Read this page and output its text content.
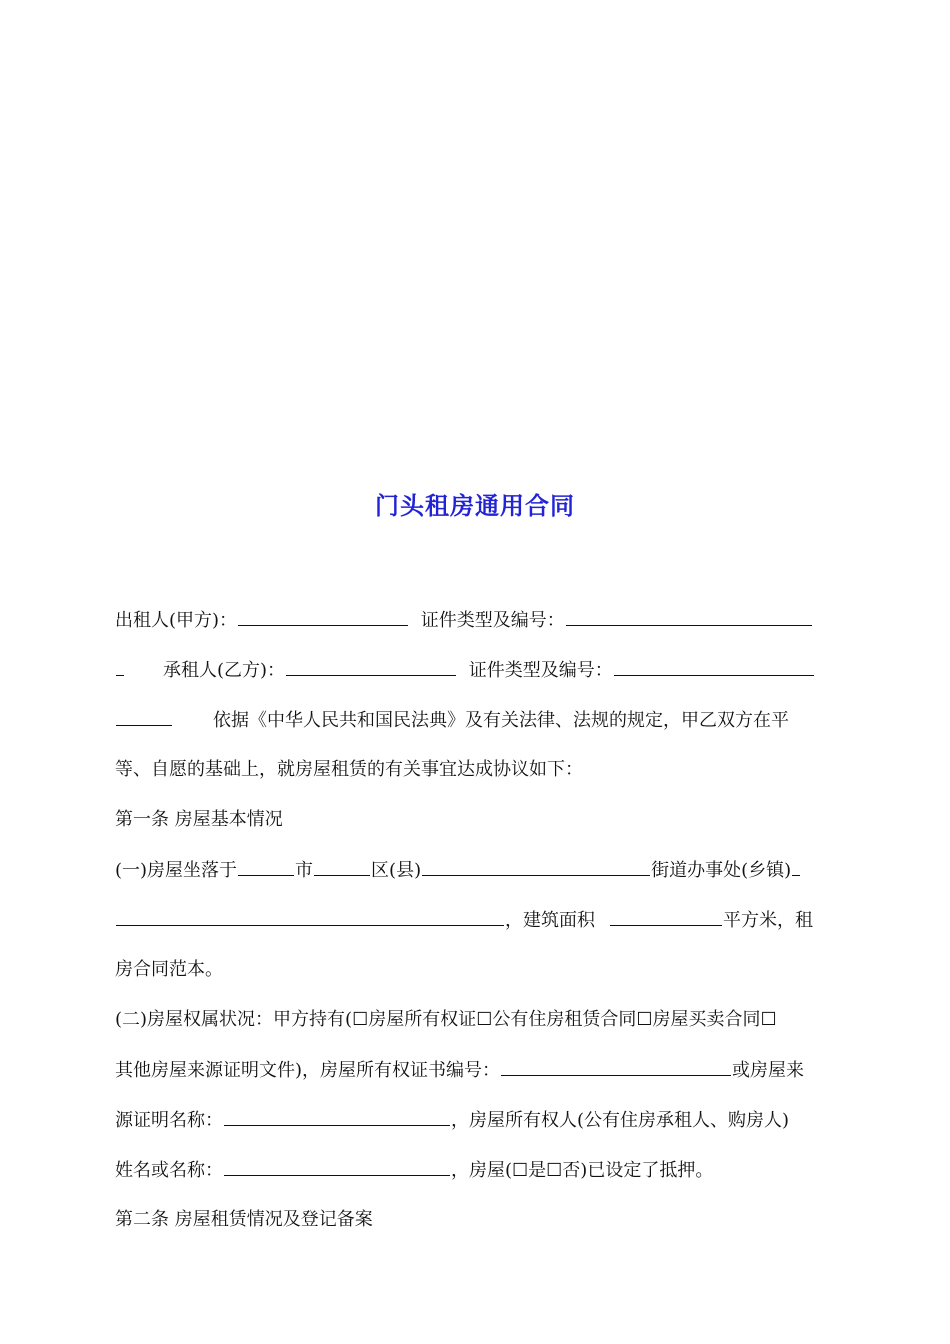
门头租房通用合同
出租人(甲方)：	证件类型及编号：
承租人(乙方)：	证件类型及编号：
依据《中华人民共和国民法典》及有关法律、法规的规定，甲乙双方在平
等、自愿的基础上，就房屋租赁的有关事宜达成协议如下：
第一条 房屋基本情况
(一)房屋坐落于	市	区(县)	街道办事处(乡镇)
，建筑面积	平方米，租
房合同范本。
(二)房屋权属状况：甲方持有(☐房屋所有权证☐公有住房租赁合同☐房屋买卖合同☐
其他房屋来源证明文件)，房屋所有权证书编号：	或房屋来
源证明名称：	，房屋所有权人(公有住房承租人、购房人)
姓名或名称：	，房屋(☐是☐否)已设定了抵押。
第二条 房屋租赁情况及登记备案
